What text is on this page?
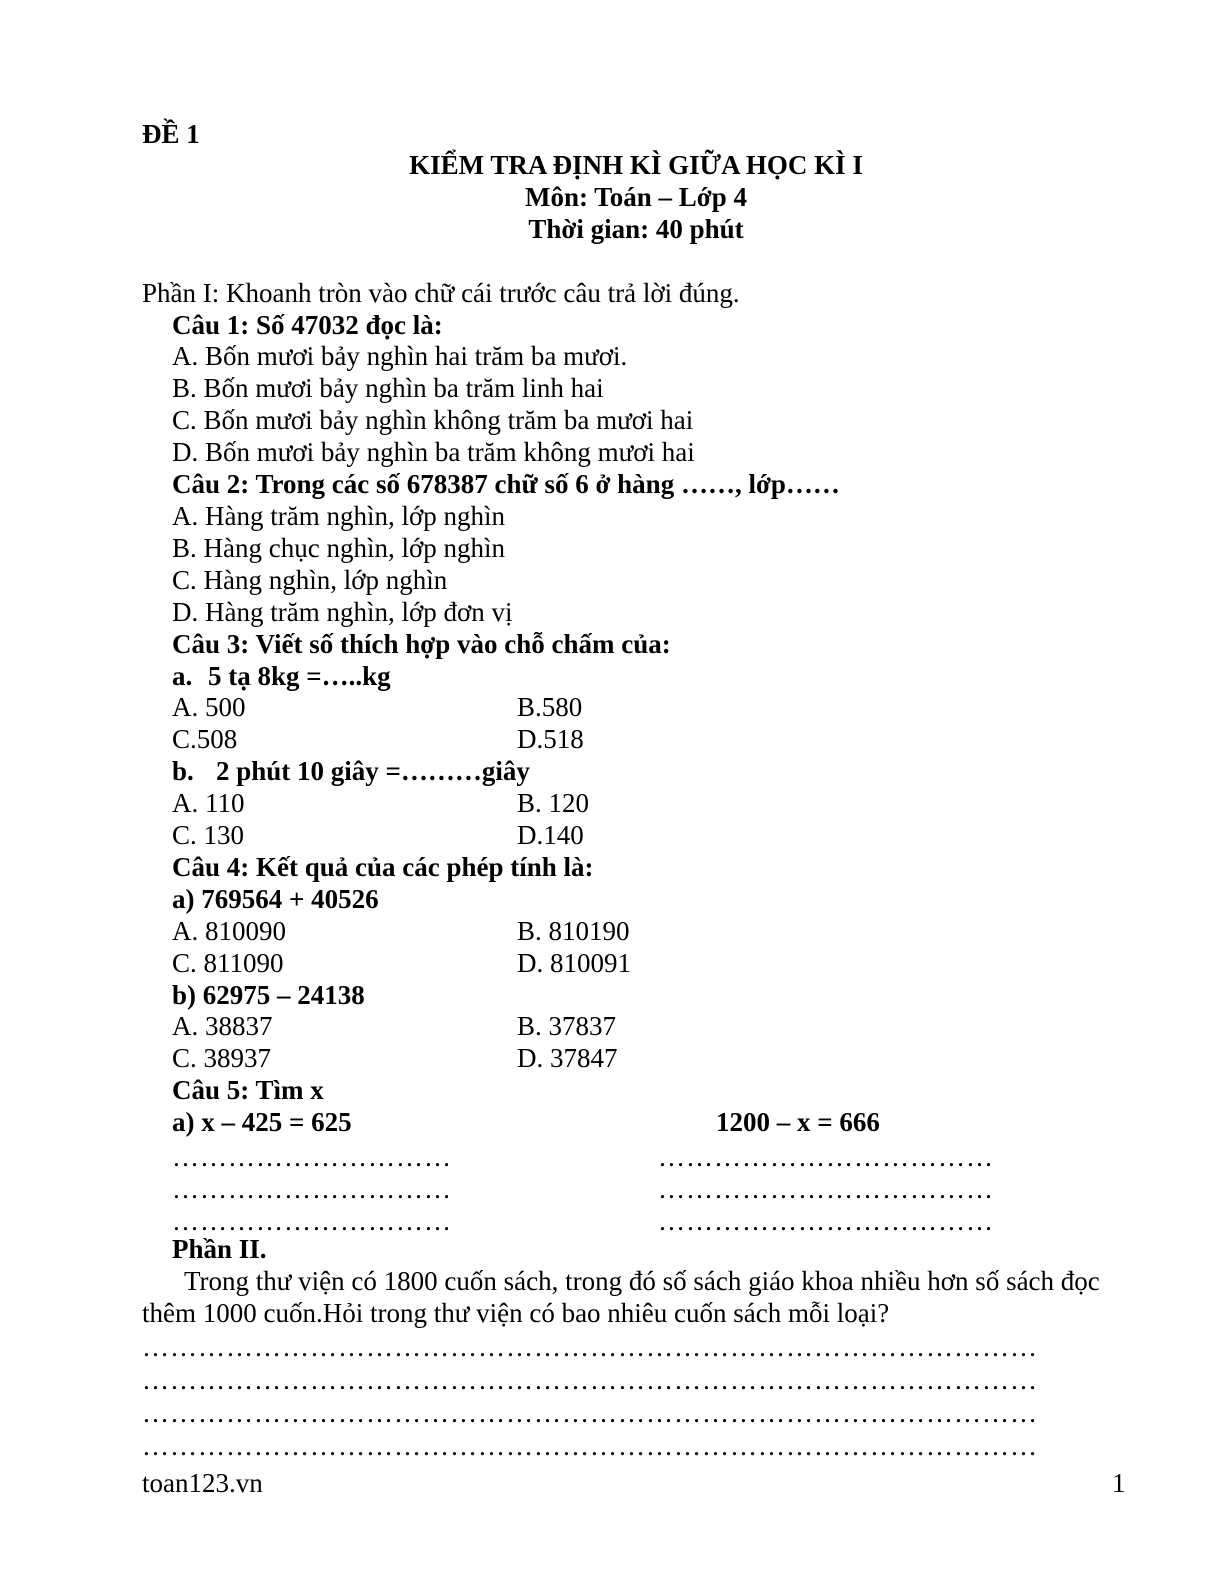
ĐỀ 1
KIỂM TRA ĐỊNH KÌ GIỮA HỌC KÌ I
Môn: Toán – Lớp 4
Thời gian: 40 phút
Phần I: Khoanh tròn vào chữ cái trước câu trả lời đúng.
Câu 1: Số 47032 đọc là:
A. Bốn mươi bảy nghìn hai trăm ba mươi.
B. Bốn mươi bảy nghìn ba trăm linh hai
C. Bốn mươi bảy nghìn không trăm ba mươi hai
D. Bốn mươi bảy nghìn ba trăm không mươi hai
Câu 2: Trong các số 678387 chữ số 6 ở hàng ……, lớp……
A. Hàng trăm nghìn, lớp nghìn
B. Hàng chục nghìn, lớp nghìn
C. Hàng nghìn, lớp nghìn
D. Hàng trăm nghìn, lớp đơn vị
Câu 3: Viết số thích hợp vào chỗ chấm của:
a. 5 tạ 8kg =…..kg
A. 500	B.580
C.508	D.518
b. 2 phút 10 giây =………giây
A. 110	B. 120
C. 130	D.140
Câu 4: Kết quả của các phép tính là:
a) 769564 + 40526
A. 810090	B. 810190
C. 811090	D. 810091
b) 62975 – 24138
A. 38837	B. 37837
C. 38937	D. 37847
Câu 5: Tìm x
a) x – 425 = 625	1200 – x = 666
…………………………	………………………………
…………………………	………………………………
…………………………	………………………………
Phần II.
Trong thư viện có 1800 cuốn sách, trong đó số sách giáo khoa nhiều hơn số sách đọc
thêm 1000 cuốn.Hỏi trong thư viện có bao nhiêu cuốn sách mỗi loại?
……………………………………………………………………………………
……………………………………………………………………………………
……………………………………………………………………………………
……………………………………………………………………………………
toan123.vn	1
